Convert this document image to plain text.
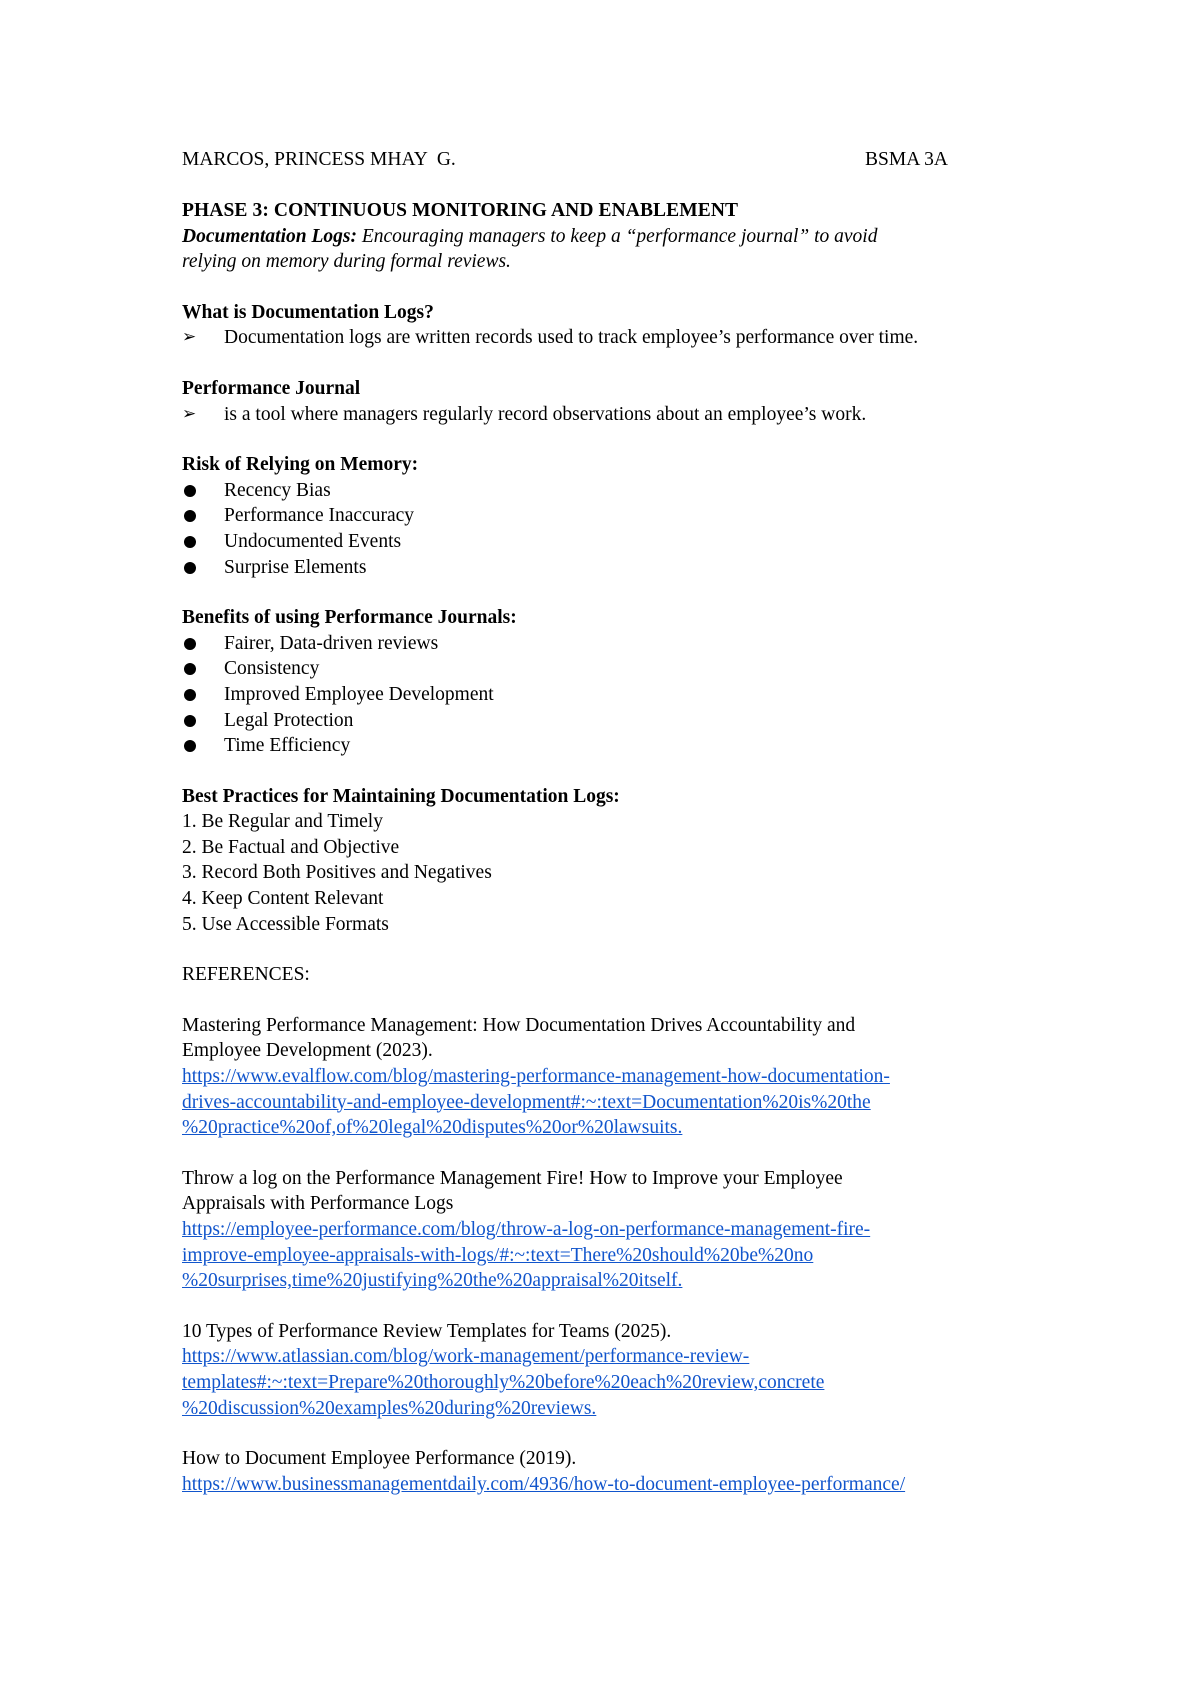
MARCOS, PRINCESS MHAY  G.	BSMA 3A
PHASE 3: CONTINUOUS MONITORING AND ENABLEMENT
Documentation Logs: Encouraging managers to keep a “performance journal” to avoid
relying on memory during formal reviews.
What is Documentation Logs?
➢	Documentation logs are written records used to track employee’s performance over time.
Performance Journal
➢	is a tool where managers regularly record observations about an employee’s work.
Risk of Relying on Memory:
Recency Bias
Performance Inaccuracy
Undocumented Events
Surprise Elements
Benefits of using Performance Journals:
Fairer, Data-driven reviews
Consistency
Improved Employee Development
Legal Protection
Time Efficiency
Best Practices for Maintaining Documentation Logs:
1. Be Regular and Timely
2. Be Factual and Objective
3. Record Both Positives and Negatives
4. Keep Content Relevant
5. Use Accessible Formats
REFERENCES:
Mastering Performance Management: How Documentation Drives Accountability and
Employee Development (2023).
https://www.evalflow.com/blog/mastering-performance-management-how-documentation-
drives-accountability-and-employee-development#:~:text=Documentation%20is%20the
%20practice%20of,of%20legal%20disputes%20or%20lawsuits.
Throw a log on the Performance Management Fire! How to Improve your Employee
Appraisals with Performance Logs
https://employee-performance.com/blog/throw-a-log-on-performance-management-fire-
improve-employee-appraisals-with-logs/#:~:text=There%20should%20be%20no
%20surprises,time%20justifying%20the%20appraisal%20itself.
10 Types of Performance Review Templates for Teams (2025).
https://www.atlassian.com/blog/work-management/performance-review-
templates#:~:text=Prepare%20thoroughly%20before%20each%20review,concrete
%20discussion%20examples%20during%20reviews.
How to Document Employee Performance (2019).
https://www.businessmanagementdaily.com/4936/how-to-document-employee-performance/
